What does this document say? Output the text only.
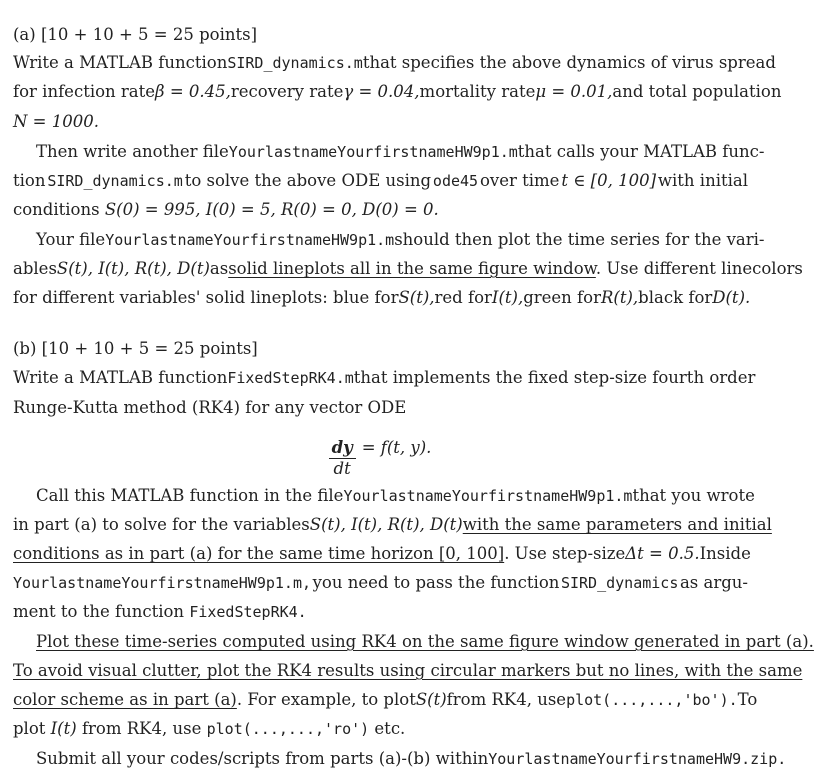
(a) [10 + 10 + 5 = 25 points]
Write a MATLAB function SIRD_dynamics.m that specifies the above dynamics of virus spread
for infection rate β = 0.45, recovery rate γ = 0.04, mortality rate μ = 0.01, and total population
N = 1000.
Then write another file YourlastnameYourfirstnameHW9p1.m that calls your MATLAB func-
tion SIRD_dynamics.m to solve the above ODE using ode45 over time t ∈ [0, 100] with initial
conditions
S(0) = 995, I(0) = 5, R(0) = 0, D(0) = 0.
Your file YourlastnameYourfirstnameHW9p1.m should then plot the time series for the vari-
ables S(t), I(t), R(t), D(t) as solid lineplots all in the same figure window. Use different linecolors
for different variables' solid lineplots: blue for S(t), red for I(t), green for R(t), black for D(t).
(b) [10 + 10 + 5 = 25 points]
Write a MATLAB function FixedStepRK4.m that implements the fixed step-size fourth order
Runge-Kutta method (RK4) for any vector ODE
$\frac{dy}{dt} = f(t$, y).
Call this MATLAB function in the file YourlastnameYourfirstnameHW9p1.m that you wrote
in part (a) to solve for the variables S(t), I(t), R(t), D(t) with the same parameters and initial
conditions as in part (a) for the same time horizon [0, 100]. Use step-size Δt = 0.5. Inside
YourlastnameYourfirstnameHW9p1.m, you need to pass the function SIRD_dynamics as argu-
ment to the function
FixedStepRK4.
Plot these time-series computed using RK4 on the same figure window generated in part (a).
To avoid visual clutter, plot the RK4 results using circular markers but no lines, with the same
color scheme as in part (a). For example, to plot S(t) from RK4, use plot(...,...,'bo'). To
plot
I(t)
from RK4, use
plot(...,...,'ro')
etc.
Submit all your codes/scripts from parts (a)-(b) within YourlastnameYourfirstnameHW9.zip.
